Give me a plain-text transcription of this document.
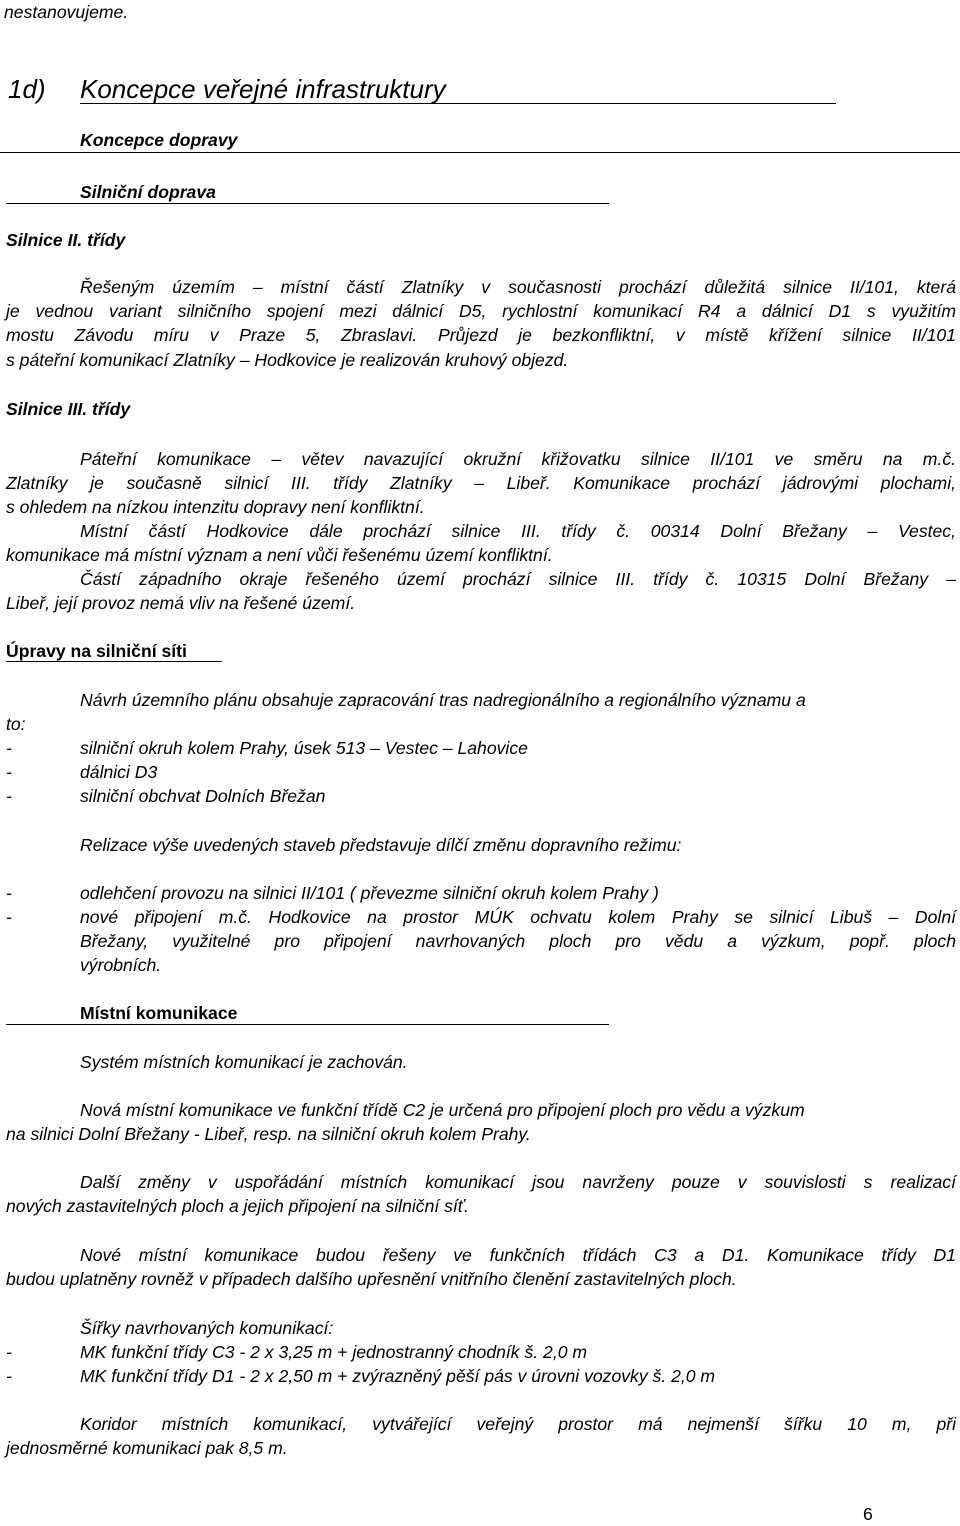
nestanovujeme.
1d) Koncepce veřejné infrastruktury
Koncepce dopravy
Silniční doprava
Silnice II. třídy
Řešeným územím – místní částí Zlatníky v současnosti prochází důležitá silnice II/101, která
je vednou variant silničního spojení mezi dálnicí D5, rychlostní komunikací R4 a dálnicí D1 s využitím
mostu Závodu míru v Praze 5, Zbraslavi. Průjezd je bezkonfliktní, v místě křížení silnice II/101
s páteřní komunikací Zlatníky – Hodkovice je realizován kruhový objezd.
Silnice III. třídy
Páteřní komunikace – větev navazující okružní křižovatku silnice II/101 ve směru na m.č.
Zlatníky je současně silnicí III. třídy Zlatníky – Libeř. Komunikace prochází jádrovými plochami,
s ohledem na nízkou intenzitu dopravy není konfliktní.
Místní částí Hodkovice dále prochází silnice III. třídy č. 00314 Dolní Břežany – Vestec,
komunikace má místní význam a není vůči řešenému území konfliktní.
Částí západního okraje řešeného území prochází silnice III. třídy č. 10315 Dolní Břežany –
Libeř, její provoz nemá vliv na řešené území.
Úpravy na silniční síti
Návrh územního plánu obsahuje zapracování tras nadregionálního a regionálního významu a
to:
-	silniční okruh kolem Prahy, úsek 513 – Vestec – Lahovice
-	dálnici D3
-	silniční obchvat Dolních Břežan
Relizace výše uvedených staveb představuje dílčí změnu dopravního režimu:
-	odlehčení provozu na silnici II/101 ( převezme silniční okruh kolem Prahy )
-	nové připojení m.č. Hodkovice na prostor MÚK ochvatu kolem Prahy se silnicí Libuš – Dolní
Břežany, využitelné pro připojení navrhovaných ploch pro vědu a výzkum, popř. ploch
výrobních.
Místní komunikace
Systém místních komunikací je zachován.
Nová místní komunikace ve funkční třídě C2 je určená pro připojení ploch pro vědu a výzkum
na silnici Dolní Břežany - Libeř, resp. na silniční okruh kolem Prahy.
Další změny v uspořádání místních komunikací jsou navrženy pouze v souvislosti s realizací
nových zastavitelných ploch a jejich připojení na silniční síť.
Nové místní komunikace budou řešeny ve funkčních třídách C3 a D1. Komunikace třídy D1
budou uplatněny rovněž v případech dalšího upřesnění vnitřního členění zastavitelných ploch.
Šířky navrhovaných komunikací:
-	MK funkční třídy C3 - 2 x 3,25 m + jednostranný chodník š. 2,0 m
-	MK funkční třídy D1 - 2 x 2,50 m + zvýrazněný pěší pás v úrovni vozovky š. 2,0 m
Koridor místních komunikací, vytvářející veřejný prostor má nejmenší šířku 10 m, při
jednosměrné komunikaci pak 8,5 m.
6
